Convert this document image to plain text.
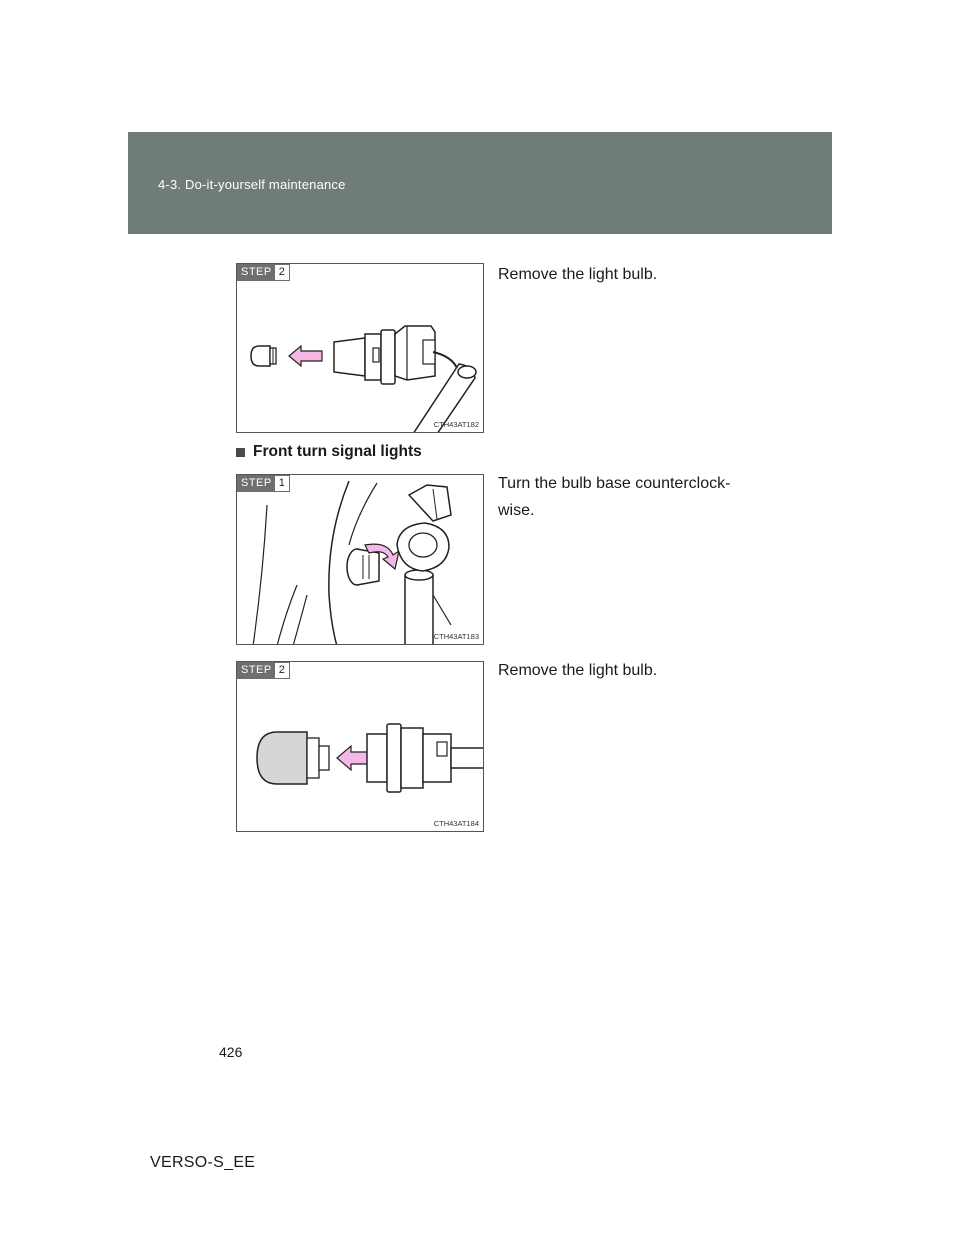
4-3. Do-it-yourself maintenance
STEP 2
CTH43AT182
Remove the light bulb.
Front turn signal lights
STEP 1
CTH43AT183
Turn the bulb base counterclock-wise.
STEP 2
CTH43AT184
Remove the light bulb.
426
VERSO-S_EE
